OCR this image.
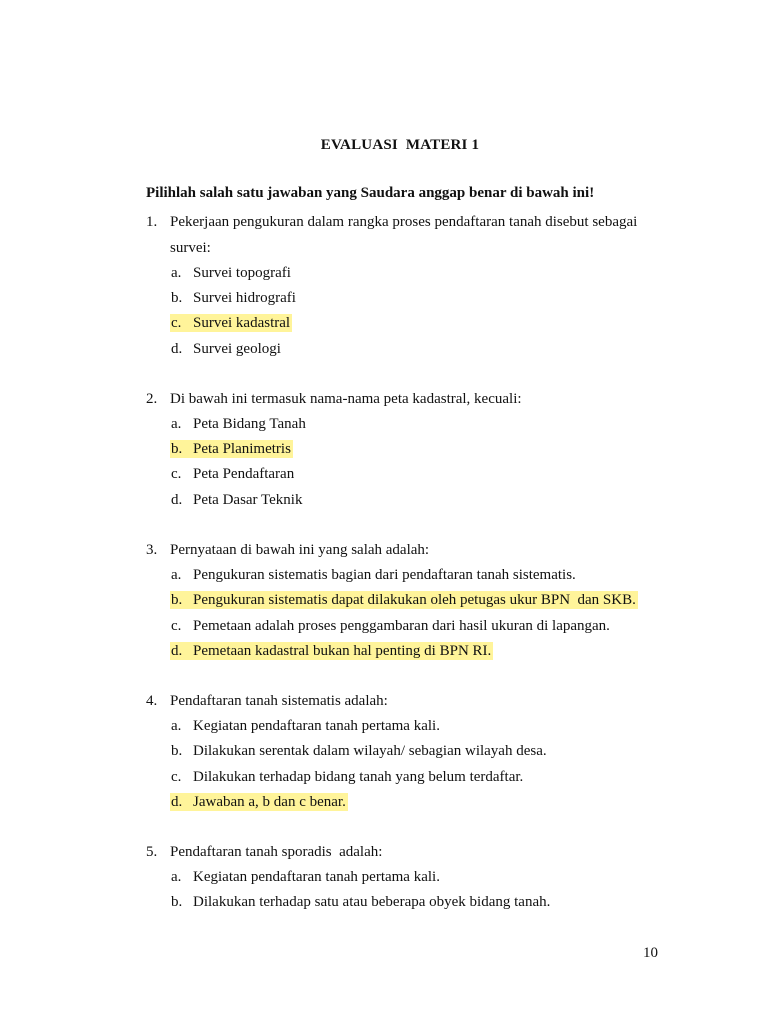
EVALUASI  MATERI 1
Pilihlah salah satu jawaban yang Saudara anggap benar di bawah ini!
1. Pekerjaan pengukuran dalam rangka proses pendaftaran tanah disebut sebagai
survei:
a. Survei topografi
b. Survei hidrografi
c. Survei kadastral
d. Survei geologi
2. Di bawah ini termasuk nama-nama peta kadastral, kecuali:
a. Peta Bidang Tanah
b. Peta Planimetris
c. Peta Pendaftaran
d. Peta Dasar Teknik
3. Pernyataan di bawah ini yang salah adalah:
a. Pengukuran sistematis bagian dari pendaftaran tanah sistematis.
b. Pengukuran sistematis dapat dilakukan oleh petugas ukur BPN  dan SKB.
c. Pemetaan adalah proses penggambaran dari hasil ukuran di lapangan.
d. Pemetaan kadastral bukan hal penting di BPN RI.
4. Pendaftaran tanah sistematis adalah:
a. Kegiatan pendaftaran tanah pertama kali.
b. Dilakukan serentak dalam wilayah/ sebagian wilayah desa.
c. Dilakukan terhadap bidang tanah yang belum terdaftar.
d. Jawaban a, b dan c benar.
5. Pendaftaran tanah sporadis  adalah:
a. Kegiatan pendaftaran tanah pertama kali.
b. Dilakukan terhadap satu atau beberapa obyek bidang tanah.
10
